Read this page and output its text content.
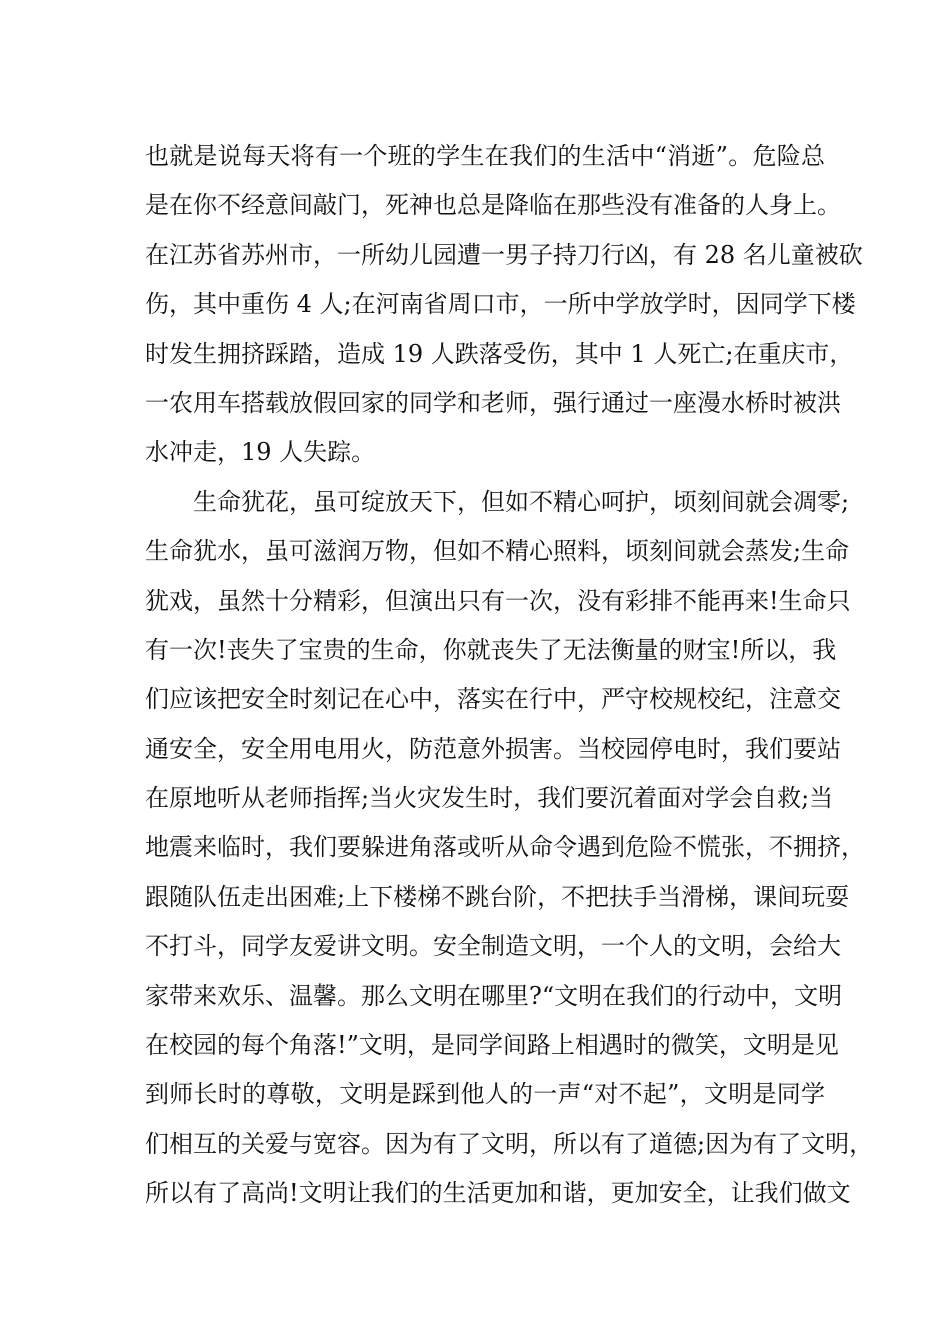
也就是说每天将有一个班的学生在我们的生活中“消逝”。危险总
是在你不经意间敲门，死神也总是降临在那些没有准备的人身上。
在江苏省苏州市，一所幼儿园遭一男子持刀行凶，有 28 名儿童被砍
伤，其中重伤 4 人;在河南省周口市，一所中学放学时，因同学下楼
时发生拥挤踩踏，造成 19 人跌落受伤，其中 1 人死亡;在重庆市，
一农用车搭载放假回家的同学和老师，强行通过一座漫水桥时被洪
水冲走，19 人失踪。
生命犹花，虽可绽放天下，但如不精心呵护，顷刻间就会凋零;
生命犹水，虽可滋润万物，但如不精心照料，顷刻间就会蒸发;生命
犹戏，虽然十分精彩，但演出只有一次，没有彩排不能再来!生命只
有一次!丧失了宝贵的生命，你就丧失了无法衡量的财宝!所以，我
们应该把安全时刻记在心中，落实在行中，严守校规校纪，注意交
通安全，安全用电用火，防范意外损害。当校园停电时，我们要站
在原地听从老师指挥;当火灾发生时，我们要沉着面对学会自救;当
地震来临时，我们要躲进角落或听从命令遇到危险不慌张，不拥挤，
跟随队伍走出困难;上下楼梯不跳台阶，不把扶手当滑梯，课间玩耍
不打斗，同学友爱讲文明。安全制造文明，一个人的文明，会给大
家带来欢乐、温馨。那么文明在哪里?“文明在我们的行动中，文明
在校园的每个角落!”文明，是同学间路上相遇时的微笑，文明是见
到师长时的尊敬，文明是踩到他人的一声“对不起”，文明是同学
们相互的关爱与宽容。因为有了文明，所以有了道德;因为有了文明，
所以有了高尚!文明让我们的生活更加和谐，更加安全，让我们做文
